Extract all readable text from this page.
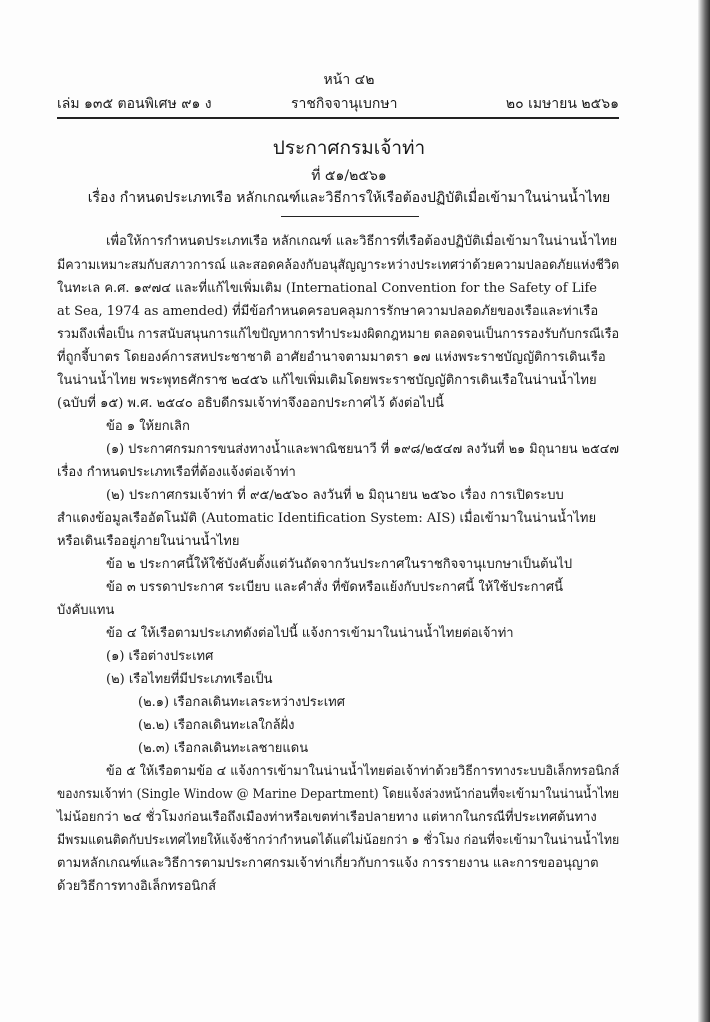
หน้า ๔๒
เล่ม ๑๓๕ ตอนพิเศษ ๙๑ ง	ราชกิจจานุเบกษา	๒๐ เมษายน ๒๕๖๑
ประกาศกรมเจ้าท่า
ที่ ๕๑/๒๕๖๑
เรื่อง กำหนดประเภทเรือ หลักเกณฑ์และวิธีการให้เรือต้องปฏิบัติเมื่อเข้ามาในน่านน้ำไทย
เพื่อให้การกำหนดประเภทเรือ หลักเกณฑ์ และวิธีการที่เรือต้องปฏิบัติเมื่อเข้ามาในน่านน้ำไทย
มีความเหมาะสมกับสภาวการณ์ และสอดคล้องกับอนุสัญญาระหว่างประเทศว่าด้วยความปลอดภัยแห่งชีวิต
ในทะเล ค.ศ. ๑๙๗๔ และที่แก้ไขเพิ่มเติม (International Convention for the Safety of Life
at Sea, 1974 as amended) ที่มีข้อกำหนดครอบคลุมการรักษาความปลอดภัยของเรือและท่าเรือ
รวมถึงเพื่อเป็น การสนับสนุนการแก้ไขปัญหาการทำประมงผิดกฎหมาย ตลอดจนเป็นการรองรับกับกรณีเรือ
ที่ถูกจี้บาตร โดยองค์การสหประชาชาติ อาศัยอำนาจตามมาตรา ๑๗ แห่งพระราชบัญญัติการเดินเรือ
ในน่านน้ำไทย พระพุทธศักราช ๒๔๕๖ แก้ไขเพิ่มเติมโดยพระราชบัญญัติการเดินเรือในน่านน้ำไทย
(ฉบับที่ ๑๕) พ.ศ. ๒๕๔๐ อธิบดีกรมเจ้าท่าจึงออกประกาศไว้ ดังต่อไปนี้
ข้อ ๑ ให้ยกเลิก
(๑) ประกาศกรมการขนส่งทางน้ำและพาณิชยนาวี ที่ ๑๙๘/๒๕๔๗ ลงวันที่ ๒๑ มิถุนายน ๒๕๔๗
เรื่อง กำหนดประเภทเรือที่ต้องแจ้งต่อเจ้าท่า
(๒) ประกาศกรมเจ้าท่า ที่ ๙๕/๒๕๖๐ ลงวันที่ ๒ มิถุนายน ๒๕๖๐ เรื่อง การเปิดระบบ
สำแดงข้อมูลเรืออัตโนมัติ (Automatic Identification System: AIS) เมื่อเข้ามาในน่านน้ำไทย
หรือเดินเรืออยู่ภายในน่านน้ำไทย
ข้อ ๒ ประกาศนี้ให้ใช้บังคับตั้งแต่วันถัดจากวันประกาศในราชกิจจานุเบกษาเป็นต้นไป
ข้อ ๓ บรรดาประกาศ ระเบียบ และคำสั่ง ที่ขัดหรือแย้งกับประกาศนี้ ให้ใช้ประกาศนี้
บังคับแทน
ข้อ ๔ ให้เรือตามประเภทดังต่อไปนี้ แจ้งการเข้ามาในน่านน้ำไทยต่อเจ้าท่า
(๑) เรือต่างประเทศ
(๒) เรือไทยที่มีประเภทเรือเป็น
(๒.๑) เรือกลเดินทะเลระหว่างประเทศ
(๒.๒) เรือกลเดินทะเลใกล้ฝั่ง
(๒.๓) เรือกลเดินทะเลชายแดน
ข้อ ๕ ให้เรือตามข้อ ๔ แจ้งการเข้ามาในน่านน้ำไทยต่อเจ้าท่าด้วยวิธีการทางระบบอิเล็กทรอนิกส์
ของกรมเจ้าท่า (Single Window @ Marine Department) โดยแจ้งล่วงหน้าก่อนที่จะเข้ามาในน่านน้ำไทย
ไม่น้อยกว่า ๒๔ ชั่วโมงก่อนเรือถึงเมืองท่าหรือเขตท่าเรือปลายทาง แต่หากในกรณีที่ประเทศต้นทาง
มีพรมแดนติดกับประเทศไทยให้แจ้งช้ากว่ากำหนดได้แต่ไม่น้อยกว่า ๑ ชั่วโมง ก่อนที่จะเข้ามาในน่านน้ำไทย
ตามหลักเกณฑ์และวิธีการตามประกาศกรมเจ้าท่าเกี่ยวกับการแจ้ง การรายงาน และการขออนุญาต
ด้วยวิธีการทางอิเล็กทรอนิกส์
